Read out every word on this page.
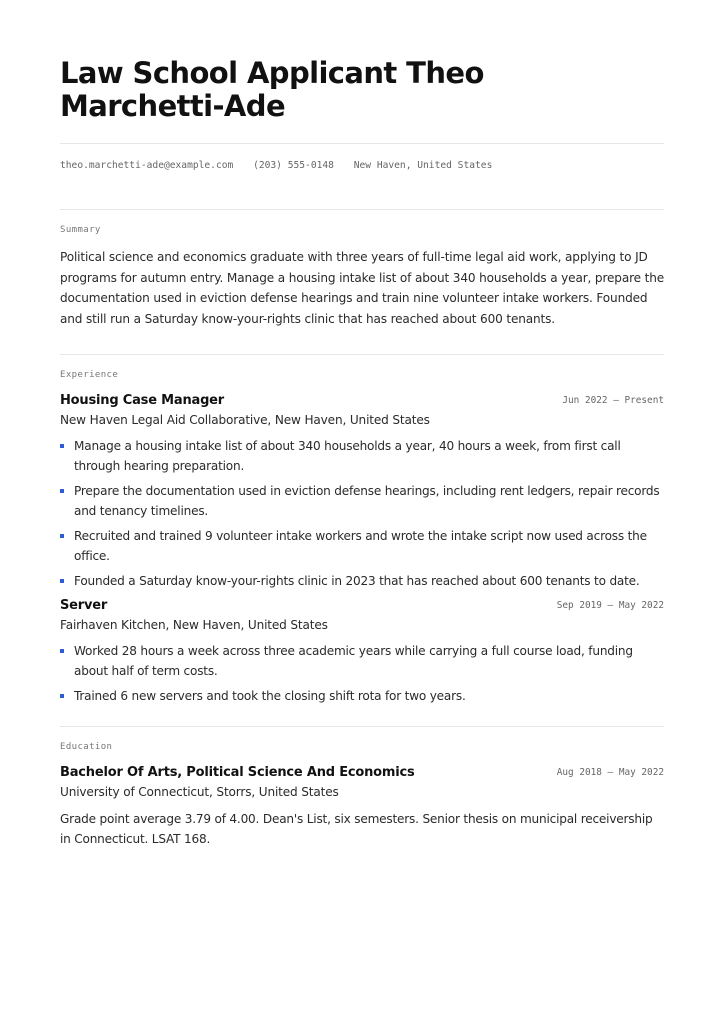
Law School Applicant Theo Marchetti-Ade
theo.marchetti-ade@example.com (203) 555-0148 New Haven, United States
Summary
Political science and economics graduate with three years of full-time legal aid work, applying to JD programs for autumn entry. Manage a housing intake list of about 340 households a year, prepare the documentation used in eviction defense hearings and train nine volunteer intake workers. Founded and still run a Saturday know-your-rights clinic that has reached about 600 tenants.
Experience
Housing Case Manager	Jun 2022 – Present
New Haven Legal Aid Collaborative, New Haven, United States
Manage a housing intake list of about 340 households a year, 40 hours a week, from first call through hearing preparation.
Prepare the documentation used in eviction defense hearings, including rent ledgers, repair records and tenancy timelines.
Recruited and trained 9 volunteer intake workers and wrote the intake script now used across the office.
Founded a Saturday know-your-rights clinic in 2023 that has reached about 600 tenants to date.
Server	Sep 2019 – May 2022
Fairhaven Kitchen, New Haven, United States
Worked 28 hours a week across three academic years while carrying a full course load, funding about half of term costs.
Trained 6 new servers and took the closing shift rota for two years.
Education
Bachelor Of Arts, Political Science And Economics	Aug 2018 – May 2022
University of Connecticut, Storrs, United States
Grade point average 3.79 of 4.00. Dean's List, six semesters. Senior thesis on municipal receivership in Connecticut. LSAT 168.
